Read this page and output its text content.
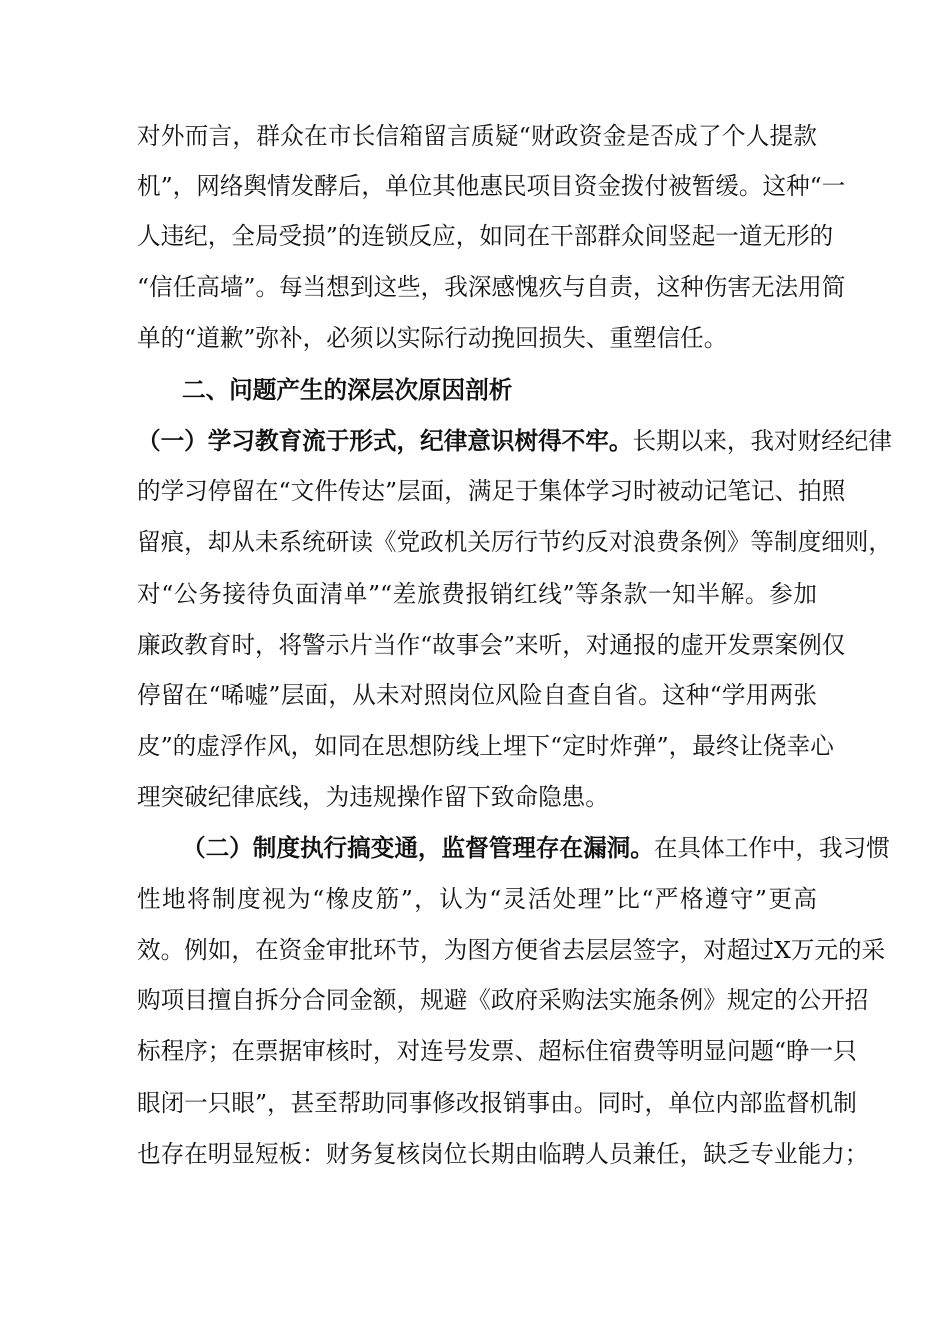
对外而言，群众在市长信箱留言质疑“财政资金是否成了个人提款
机”，网络舆情发酵后，单位其他惠民项目资金拨付被暂缓。这种“一
人违纪，全局受损”的连锁反应，如同在干部群众间竖起一道无形的
“信任高墙”。每当想到这些，我深感愧疚与自责，这种伤害无法用简
单的“道歉”弥补，必须以实际行动挽回损失、重塑信任。
二、问题产生的深层次原因剖析
（一）学习教育流于形式，纪律意识树得不牢。长期以来，我对财经纪律
的学习停留在“文件传达”层面，满足于集体学习时被动记笔记、拍照
留痕，却从未系统研读《党政机关厉行节约反对浪费条例》等制度细则，
对“公务接待负面清单”“差旅费报销红线”等条款一知半解。参加
廉政教育时，将警示片当作“故事会”来听，对通报的虚开发票案例仅
停留在“唏嘘”层面，从未对照岗位风险自查自省。这种“学用两张
皮”的虚浮作风，如同在思想防线上埋下“定时炸弹”，最终让侥幸心
理突破纪律底线，为违规操作留下致命隐患。
（二）制度执行搞变通，监督管理存在漏洞。在具体工作中，我习惯
性地将制度视为“橡皮筋”，认为“灵活处理”比“严格遵守”更高
效。例如，在资金审批环节，为图方便省去层层签字，对超过X万元的采
购项目擅自拆分合同金额，规避《政府采购法实施条例》规定的公开招
标程序；在票据审核时，对连号发票、超标住宿费等明显问题“睁一只
眼闭一只眼”，甚至帮助同事修改报销事由。同时，单位内部监督机制
也存在明显短板：财务复核岗位长期由临聘人员兼任，缺乏专业能力；
